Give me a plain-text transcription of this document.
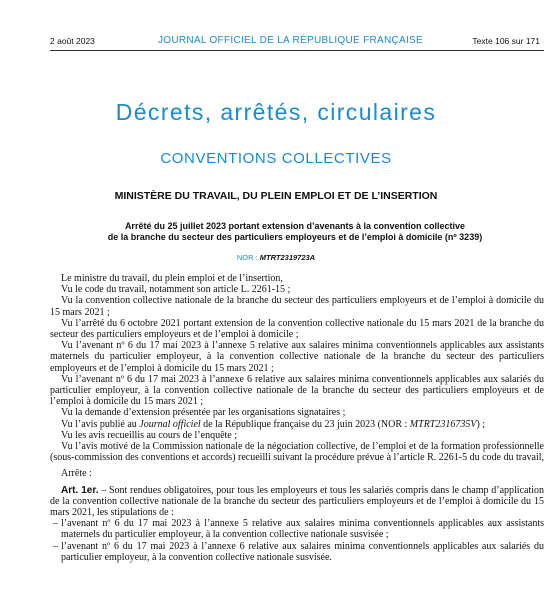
2 août 2023	JOURNAL OFFICIEL DE LA RÉPUBLIQUE FRANÇAISE	Texte 106 sur 171
Décrets, arrêtés, circulaires
CONVENTIONS COLLECTIVES
MINISTÈRE DU TRAVAIL, DU PLEIN EMPLOI ET DE L’INSERTION
Arrêté du 25 juillet 2023 portant extension d’avenants à la convention collective
de la branche du secteur des particuliers employeurs et de l’emploi à domicile (nº 3239)
NOR : MTRT2319723A

Le ministre du travail, du plein emploi et de l’insertion,

Vu le code du travail, notamment son article L. 2261-15 ;

Vu la convention collective nationale de la branche du secteur des particuliers employeurs et de l’emploi à domicile du 15 mars 2021 ;

Vu l’arrêté du 6 octobre 2021 portant extension de la convention collective nationale du 15 mars 2021 de la branche du secteur des particuliers employeurs et de l’emploi à domicile ;

Vu l’avenant nº 6 du 17 mai 2023 à l’annexe 5 relative aux salaires minima conventionnels applicables aux assistants maternels du particulier employeur, à la convention collective nationale de la branche du secteur des particuliers employeurs et de l’emploi à domicile du 15 mars 2021 ;

Vu l’avenant nº 6 du 17 mai 2023 à l’annexe 6 relative aux salaires minima conventionnels applicables aux salariés du particulier employeur, à la convention collective nationale de la branche du secteur des particuliers employeurs et de l’emploi à domicile du 15 mars 2021 ;

Vu la demande d’extension présentée par les organisations signataires ;

Vu l’avis publié au Journal officiel de la République française du 23 juin 2023 (NOR : MTRT2316735V) ;

Vu les avis recueillis au cours de l’enquête ;

Vu l’avis motivé de la Commission nationale de la négociation collective, de l’emploi et de la formation professionnelle (sous-commission des conventions et accords) recueilli suivant la procédure prévue à l’article R. 2261-5 du code du travail,

Arrête :

Art. 1er. – Sont rendues obligatoires, pour tous les employeurs et tous les salariés compris dans le champ d’application de la convention collective nationale de la branche du secteur des particuliers employeurs et de l’emploi à domicile du 15 mars 2021, les stipulations de :

– l’avenant nº 6 du 17 mai 2023 à l’annexe 5 relative aux salaires minima conventionnels applicables aux assistants maternels du particulier employeur, à la convention collective nationale susvisée ;

– l’avenant nº 6 du 17 mai 2023 à l’annexe 6 relative aux salaires minima conventionnels applicables aux salariés du particulier employeur, à la convention collective nationale susvisée.
